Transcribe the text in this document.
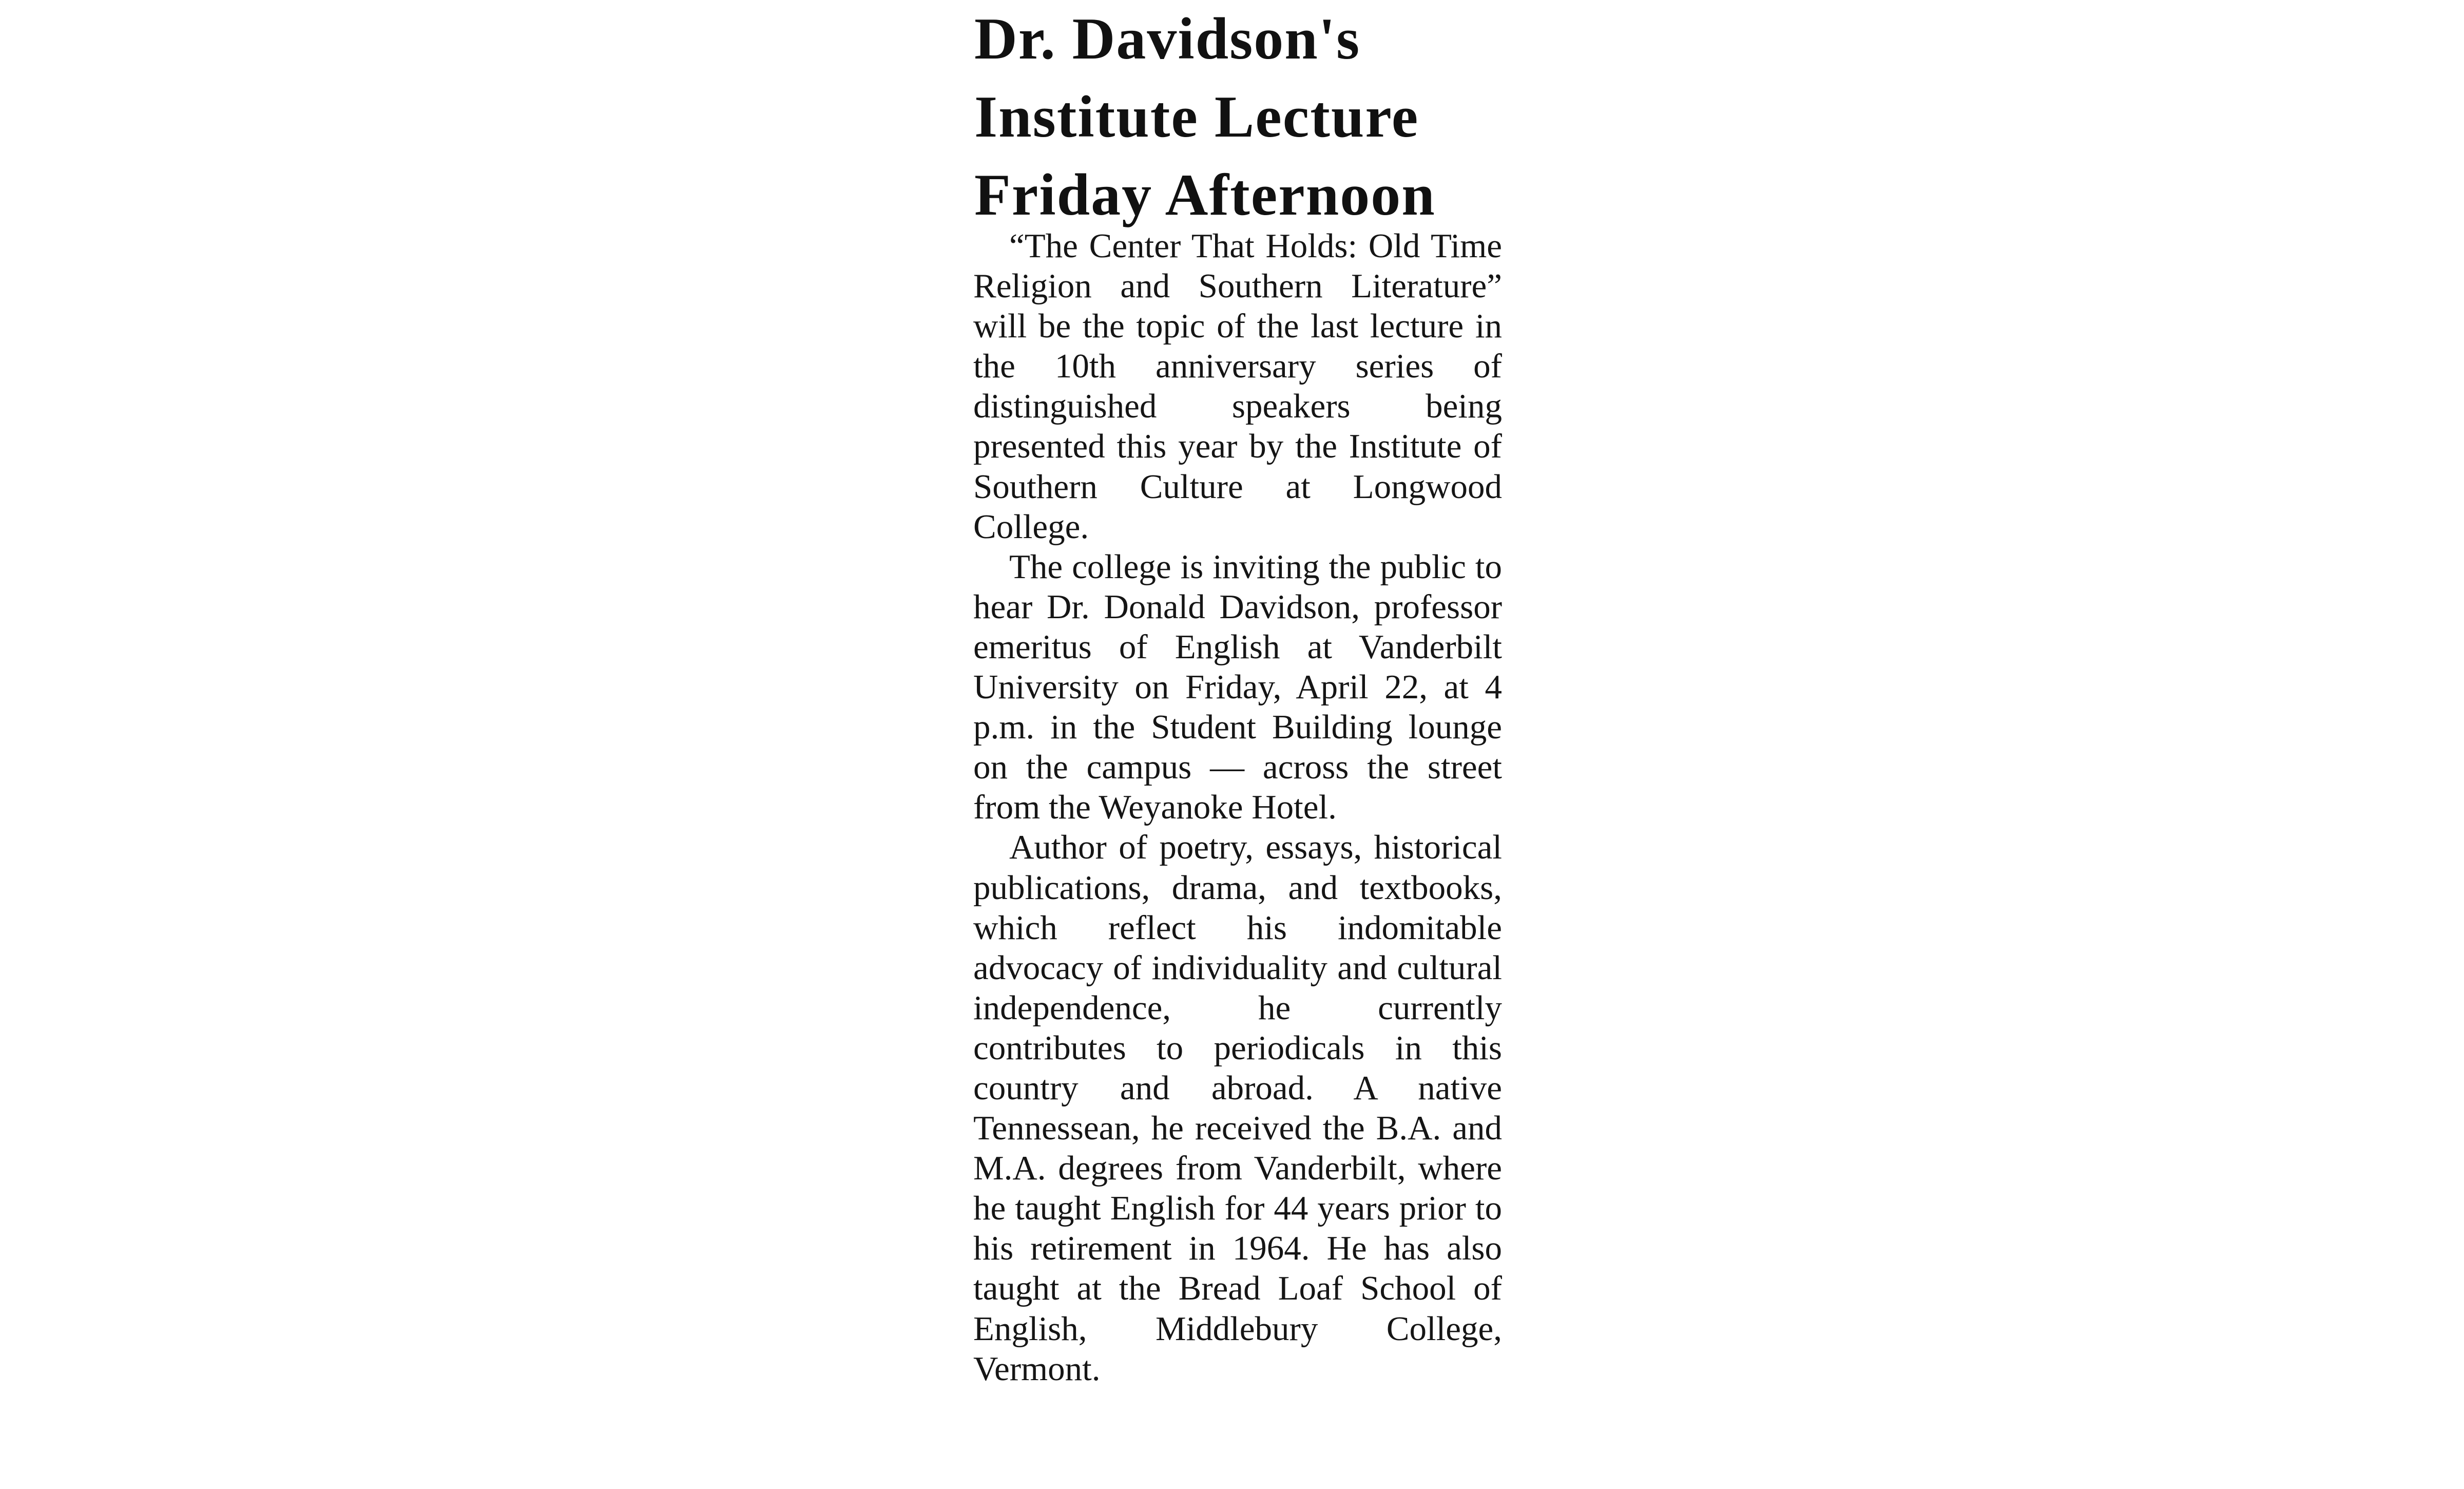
Dr. Davidson's
Institute Lecture
Friday Afternoon

“The Center That Holds: Old Time Religion and Southern Literature” will be the topic of the last lecture in the 10th anniversary series of distinguished speakers being presented this year by the Institute of Southern Culture at Longwood College.

The college is inviting the public to hear Dr. Donald Davidson, professor emeritus of English at Vanderbilt University on Friday, April 22, at 4 p.m. in the Student Building lounge on the campus — across the street from the Weyanoke Hotel.

Author of poetry, essays, historical publications, drama, and textbooks, which reflect his indomitable advocacy of individuality and cultural independence, he currently contributes to periodicals in this country and abroad. A native Tennessean, he received the B.A. and M.A. degrees from Vanderbilt, where he taught English for 44 years prior to his retirement in 1964. He has also taught at the Bread Loaf School of English, Middlebury College, Vermont.
